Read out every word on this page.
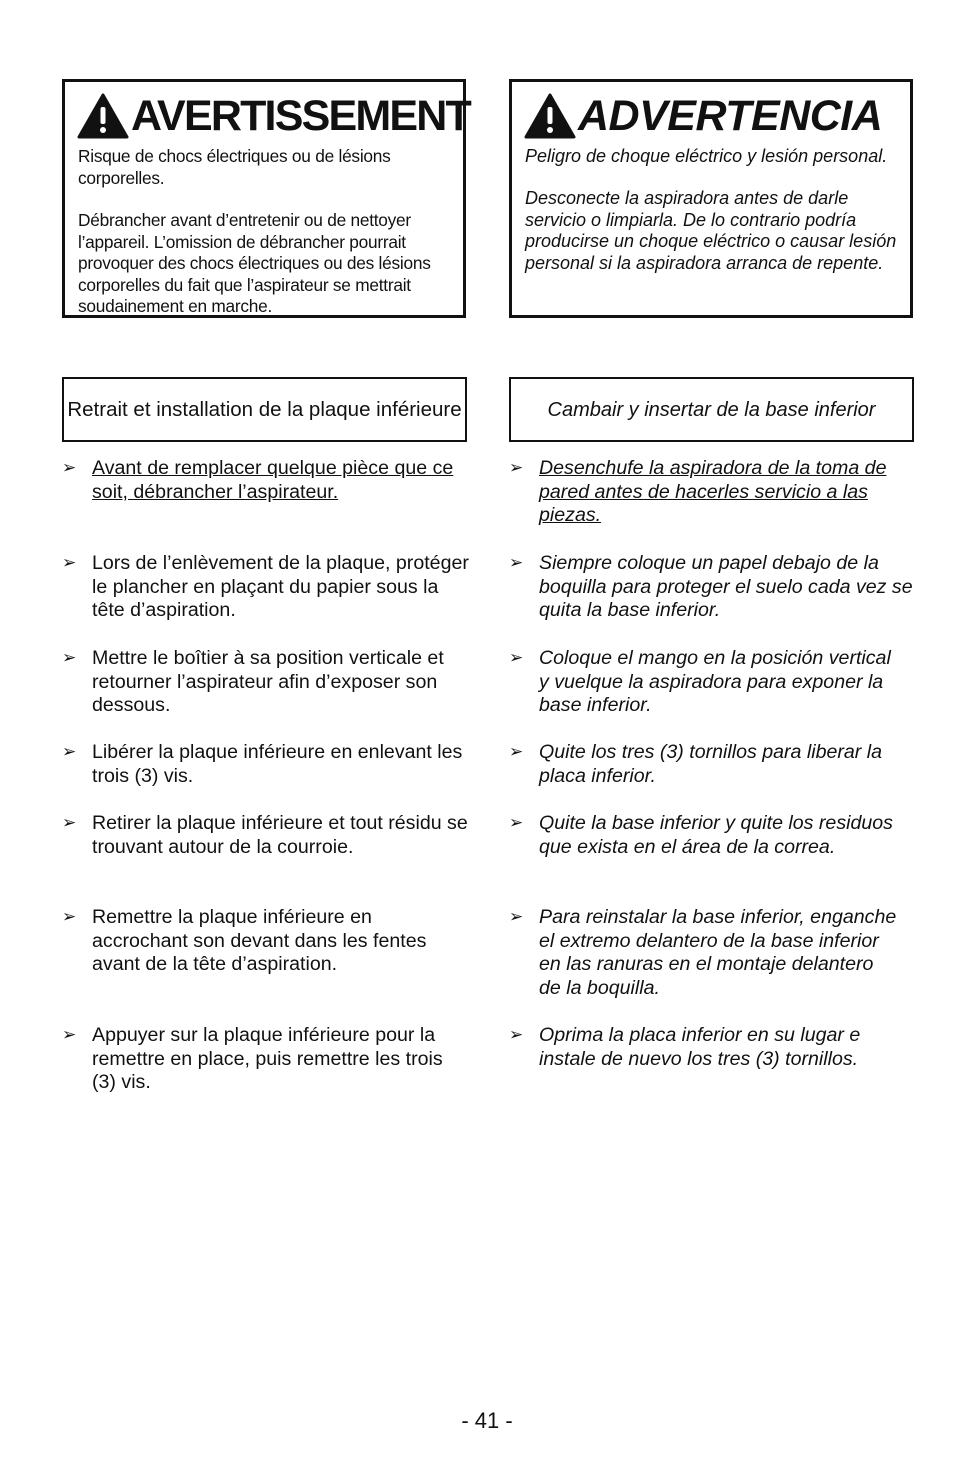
AVERTISSEMENT

Risque de chocs électriques ou de lésions corporelles.

Débrancher avant d’entretenir ou de nettoyer l’appareil. L’omission de débrancher pourrait provoquer des chocs électriques ou des lésions corporelles du fait que l’aspirateur se mettrait soudainement en marche.

ADVERTENCIA

Peligro de choque eléctrico y lesión personal.

Desconecte la aspiradora antes de darle servicio o limpiarla. De lo contrario podría producirse un choque eléctrico o causar lesión personal si la aspiradora arranca de repente.

Retrait et installation de la plaque inférieure	Cambair y insertar de la base inferior
➢ Avant de remplacer quelque pièce que ce soit, débrancher l’aspirateur.
➢ Lors de l’enlèvement de la plaque, protéger le plancher en plaçant du papier sous la tête d’aspiration.
➢ Mettre le boîtier à sa position verticale et retourner l’aspirateur afin d’exposer son dessous.
➢ Libérer la plaque inférieure en enlevant les trois (3) vis.
➢ Retirer la plaque inférieure et tout résidu se trouvant autour de la courroie.
➢ Remettre la plaque inférieure en accrochant son devant dans les fentes avant de la tête d’aspiration.
➢ Appuyer sur la plaque inférieure pour la remettre en place, puis remettre les trois (3) vis.
➢ Desenchufe la aspiradora de la toma de pared antes de hacerles servicio a las piezas.
➢ Siempre coloque un papel debajo de la boquilla para proteger el suelo cada vez se quita la base inferior.
➢ Coloque el mango en la posición vertical y vuelque la aspiradora para exponer la base inferior.
➢ Quite los tres (3) tornillos para liberar la placa inferior.
➢ Quite la base inferior y quite los residuos que exista en el área de la correa.
➢ Para reinstalar la base inferior, enganche el extremo delantero de la base inferior en las ranuras en el montaje delantero de la boquilla.
➢ Oprima la placa inferior en su lugar e instale de nuevo los tres (3) tornillos.
- 41 -
